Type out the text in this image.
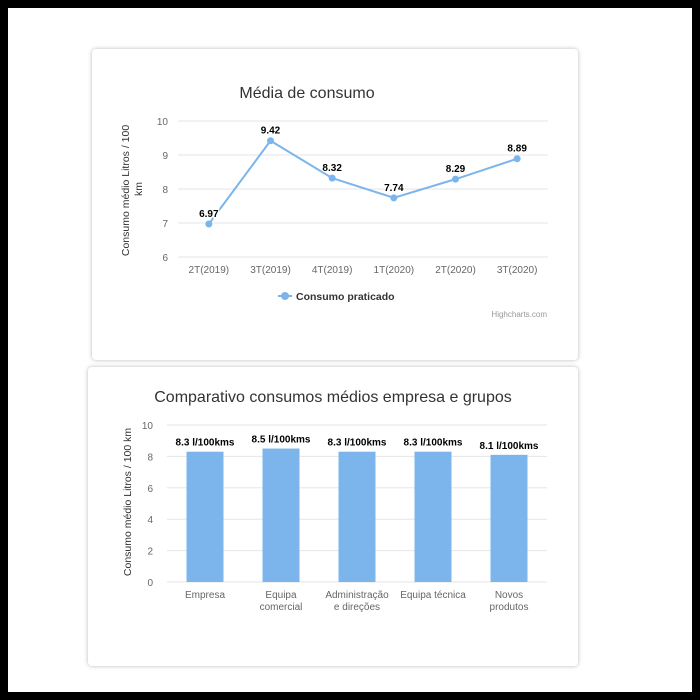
Média de consumo
Consumo médio Litros / 100 km
6
7
8
9
10
2T(2019) 3T(2019) 4T(2019) 1T(2020) 2T(2020) 3T(2020)
6.97
9.42
8.32
7.74
8.29
8.89
Consumo praticado
Highcharts.com
Comparativo consumos médios empresa e grupos
Consumo médio Litros / 100 km
0
2
4
6
8
10
8.3 l/100kms 8.5 l/100kms 8.3 l/100kms 8.3 l/100kms 8.1 l/100kms
Empresa	Equipa comercial
Administração e direções
Equipa técnica	Novos produtos
